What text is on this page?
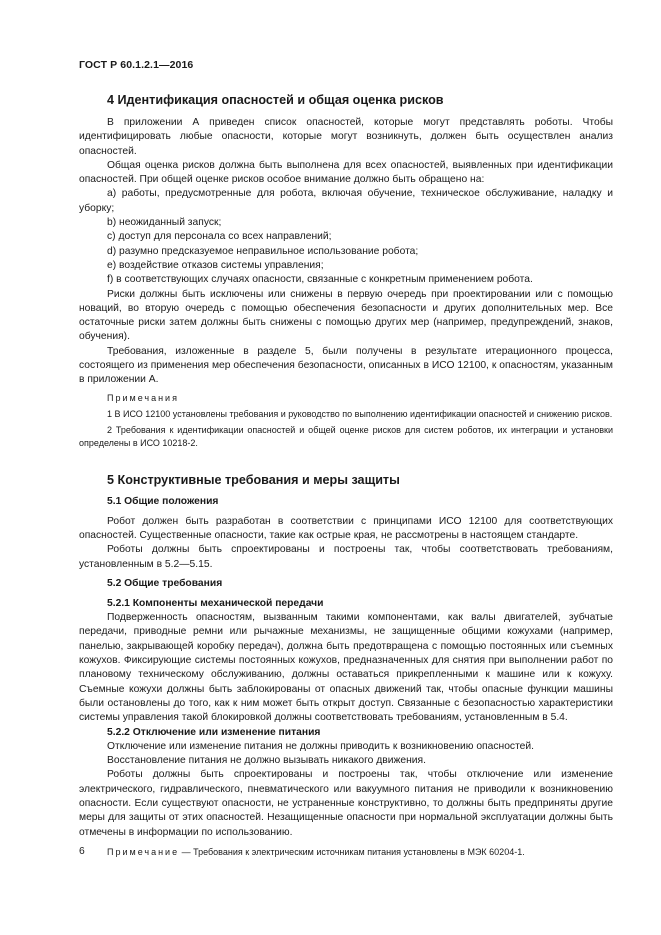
ГОСТ Р 60.1.2.1—2016
4 Идентификация опасностей и общая оценка рисков

В приложении А приведен список опасностей, которые могут представлять роботы. Чтобы идентифицировать любые опасности, которые могут возникнуть, должен быть осуществлен анализ опасностей.

Общая оценка рисков должна быть выполнена для всех опасностей, выявленных при идентификации опасностей. При общей оценке рисков особое внимание должно быть обращено на:

a) работы, предусмотренные для робота, включая обучение, техническое обслуживание, наладку и уборку;
b) неожиданный запуск;
c) доступ для персонала со всех направлений;
d) разумно предсказуемое неправильное использование робота;
e) воздействие отказов системы управления;
f) в соответствующих случаях опасности, связанные с конкретным применением робота.

Риски должны быть исключены или снижены в первую очередь при проектировании или с помощью новаций, во вторую очередь с помощью обеспечения безопасности и других дополнительных мер. Все остаточные риски затем должны быть снижены с помощью других мер (например, предупреждений, знаков, обучения).

Требования, изложенные в разделе 5, были получены в результате итерационного процесса, состоящего из применения мер обеспечения безопасности, описанных в ИСО 12100, к опасностям, указанным в приложении А.

Примечания
1 В ИСО 12100 установлены требования и руководство по выполнению идентификации опасностей и снижению рисков.
2 Требования к идентификации опасностей и общей оценке рисков для систем роботов, их интеграции и установки определены в ИСО 10218-2.
5 Конструктивные требования и меры защиты
5.1 Общие положения

Робот должен быть разработан в соответствии с принципами ИСО 12100 для соответствующих опасностей. Существенные опасности, такие как острые края, не рассмотрены в настоящем стандарте.

Роботы должны быть спроектированы и построены так, чтобы соответствовать требованиям, установленным в 5.2—5.15.

5.2 Общие требования
5.2.1 Компоненты механической передачи

Подверженность опасностям, вызванным такими компонентами, как валы двигателей, зубчатые передачи, приводные ремни или рычажные механизмы, не защищенные общими кожухами (например, панелью, закрывающей коробку передач), должна быть предотвращена с помощью постоянных или съемных кожухов. Фиксирующие системы постоянных кожухов, предназначенных для снятия при выполнении работ по плановому техническому обслуживанию, должны оставаться прикрепленными к машине или к кожуху. Съемные кожухи должны быть заблокированы от опасных движений так, чтобы опасные функции машины были остановлены до того, как к ним может быть открыт доступ. Связанные с безопасностью характеристики системы управления такой блокировкой должны соответствовать требованиям, установленным в 5.4.

5.2.2 Отключение или изменение питания

Отключение или изменение питания не должны приводить к возникновению опасностей.

Восстановление питания не должно вызывать никакого движения.

Роботы должны быть спроектированы и построены так, чтобы отключение или изменение электрического, гидравлического, пневматического или вакуумного питания не приводили к возникновению опасности. Если существуют опасности, не устраненные конструктивно, то должны быть предприняты другие меры для защиты от этих опасностей. Незащищенные опасности при нормальной эксплуатации должны быть отмечены в информации по использованию.

Примечание — Требования к электрическим источникам питания установлены в МЭК 60204-1.
6
